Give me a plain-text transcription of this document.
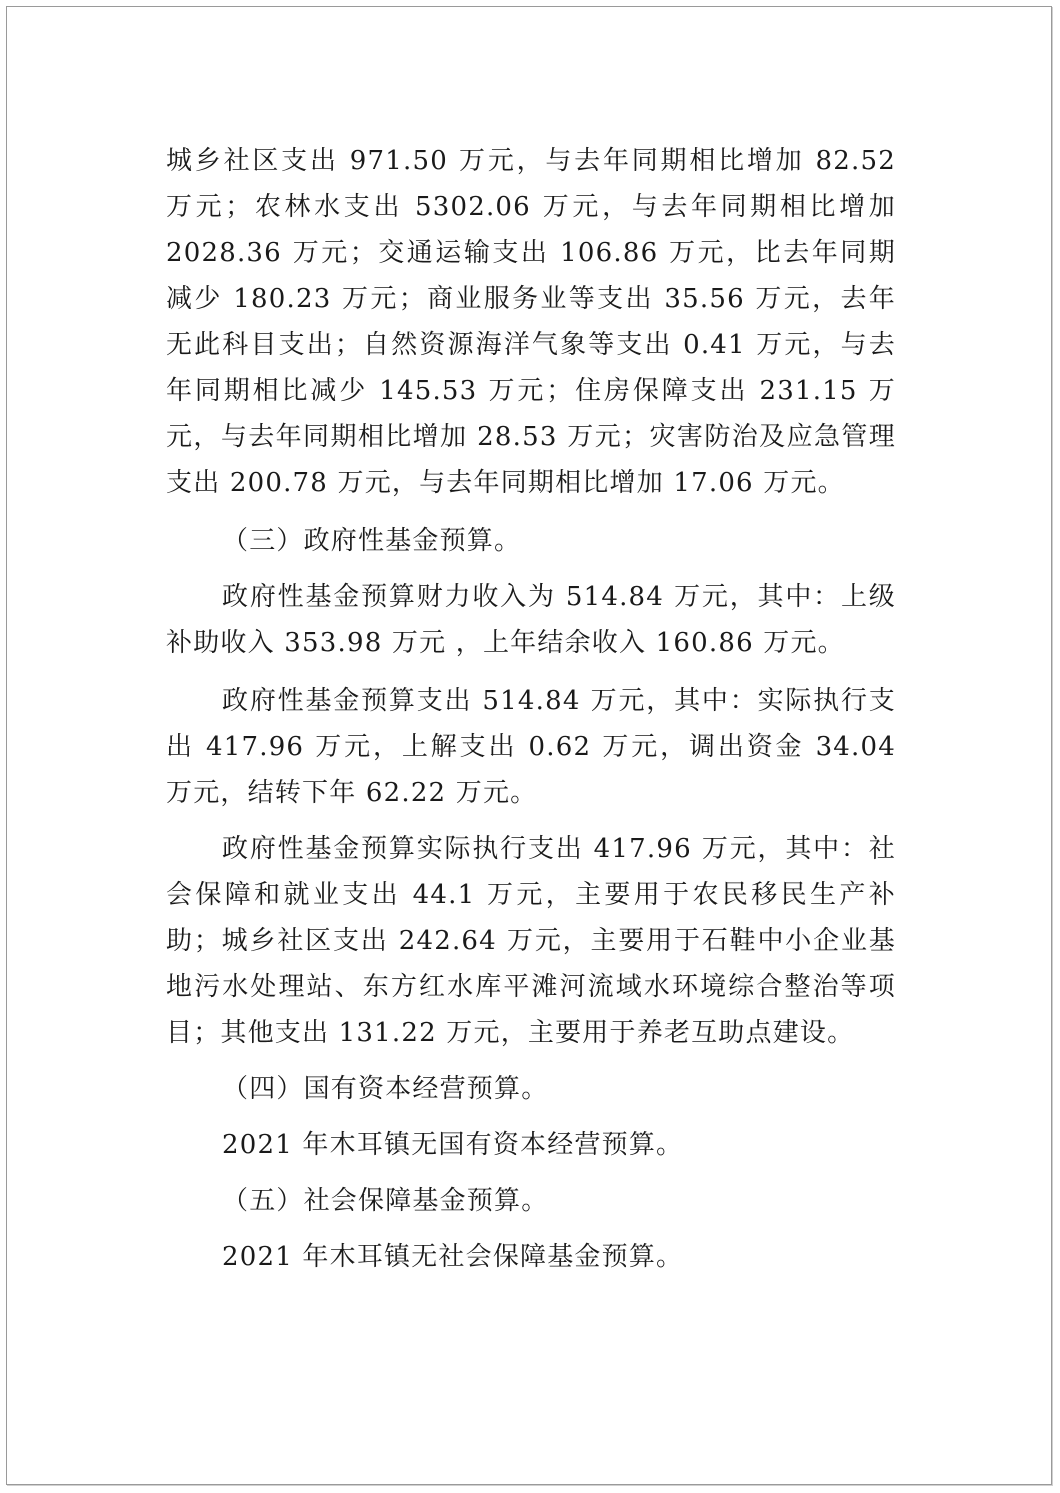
城乡社区支出 971.50 万元，与去年同期相比增加 82.52 万元；农林水支出 5302.06 万元，与去年同期相比增加 2028.36 万元；交通运输支出 106.86 万元，比去年同期减少 180.23 万元；商业服务业等支出 35.56 万元，去年无此科目支出；自然资源海洋气象等支出 0.41 万元，与去年同期相比减少 145.53 万元；住房保障支出 231.15 万元，与去年同期相比增加 28.53 万元；灾害防治及应急管理支出 200.78 万元，与去年同期相比增加 17.06 万元。

（三）政府性基金预算。

政府性基金预算财力收入为 514.84 万元，其中：上级补助收入 353.98 万元 ，上年结余收入 160.86 万元。

政府性基金预算支出 514.84 万元，其中：实际执行支出 417.96 万元，上解支出 0.62 万元，调出资金 34.04 万元，结转下年 62.22 万元。

政府性基金预算实际执行支出 417.96 万元，其中：社会保障和就业支出 44.1 万元，主要用于农民移民生产补助；城乡社区支出 242.64 万元，主要用于石鞋中小企业基地污水处理站、东方红水库平滩河流域水环境综合整治等项目；其他支出 131.22 万元，主要用于养老互助点建设。

（四）国有资本经营预算。

2021 年木耳镇无国有资本经营预算。

（五）社会保障基金预算。

2021 年木耳镇无社会保障基金预算。
